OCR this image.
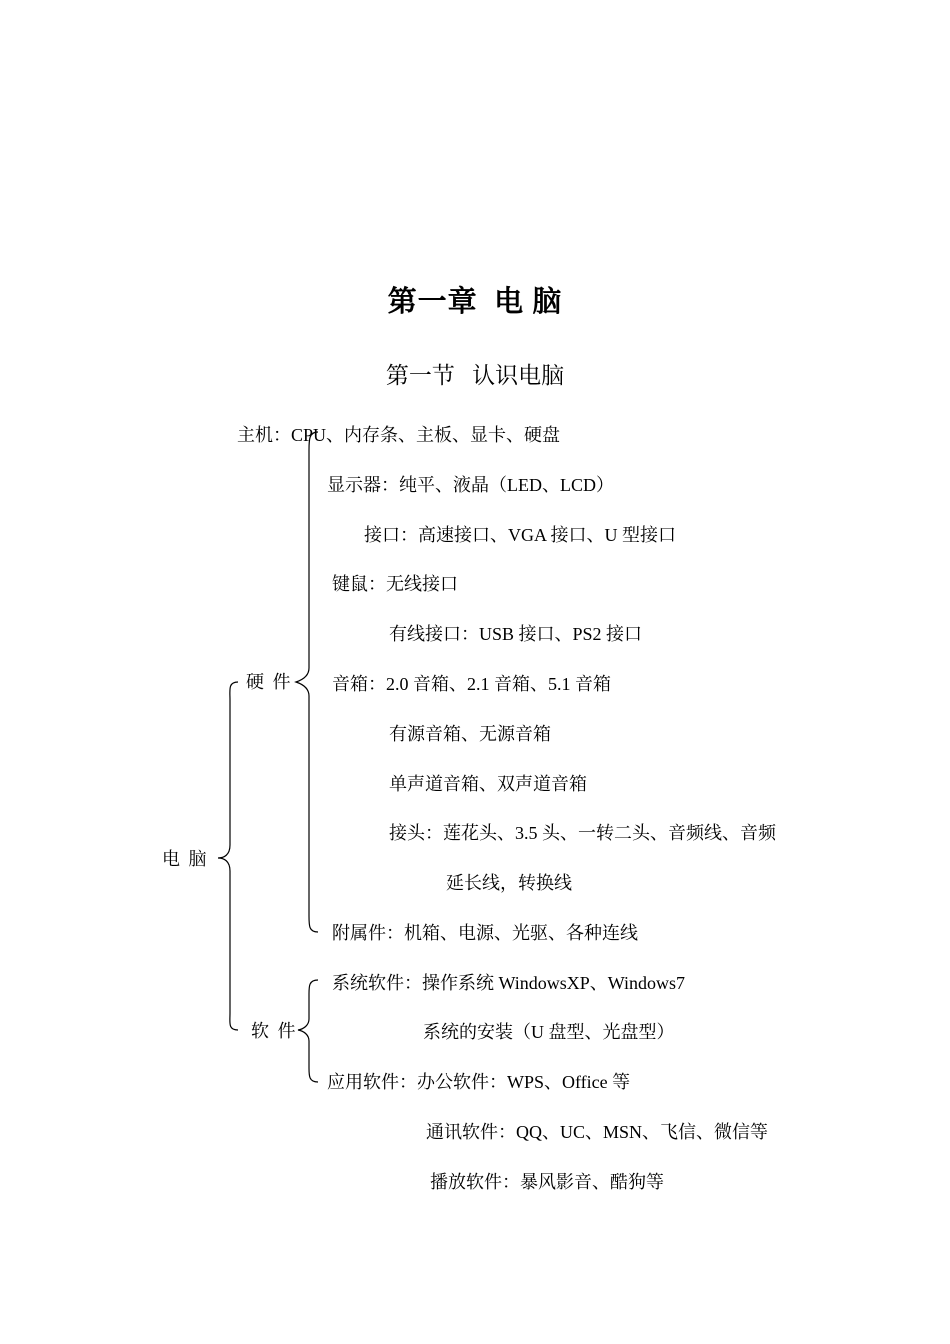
第一章  电 脑
第一节   认识电脑
电 脑
硬 件
软 件
主机：CPU、内存条、主板、显卡、硬盘
显示器：纯平、液晶（LED、LCD）
接口：高速接口、VGA 接口、U 型接口
键鼠：无线接口
有线接口：USB 接口、PS2 接口
音箱：2.0 音箱、2.1 音箱、5.1 音箱
有源音箱、无源音箱
单声道音箱、双声道音箱
接头：莲花头、3.5 头、一转二头、音频线、音频
延长线，转换线
附属件：机箱、电源、光驱、各种连线
系统软件：操作系统 WindowsXP、Windows7
系统的安装（U 盘型、光盘型）
应用软件：办公软件：WPS、Office 等
通讯软件：QQ、UC、MSN、飞信、微信等
播放软件：暴风影音、酷狗等
